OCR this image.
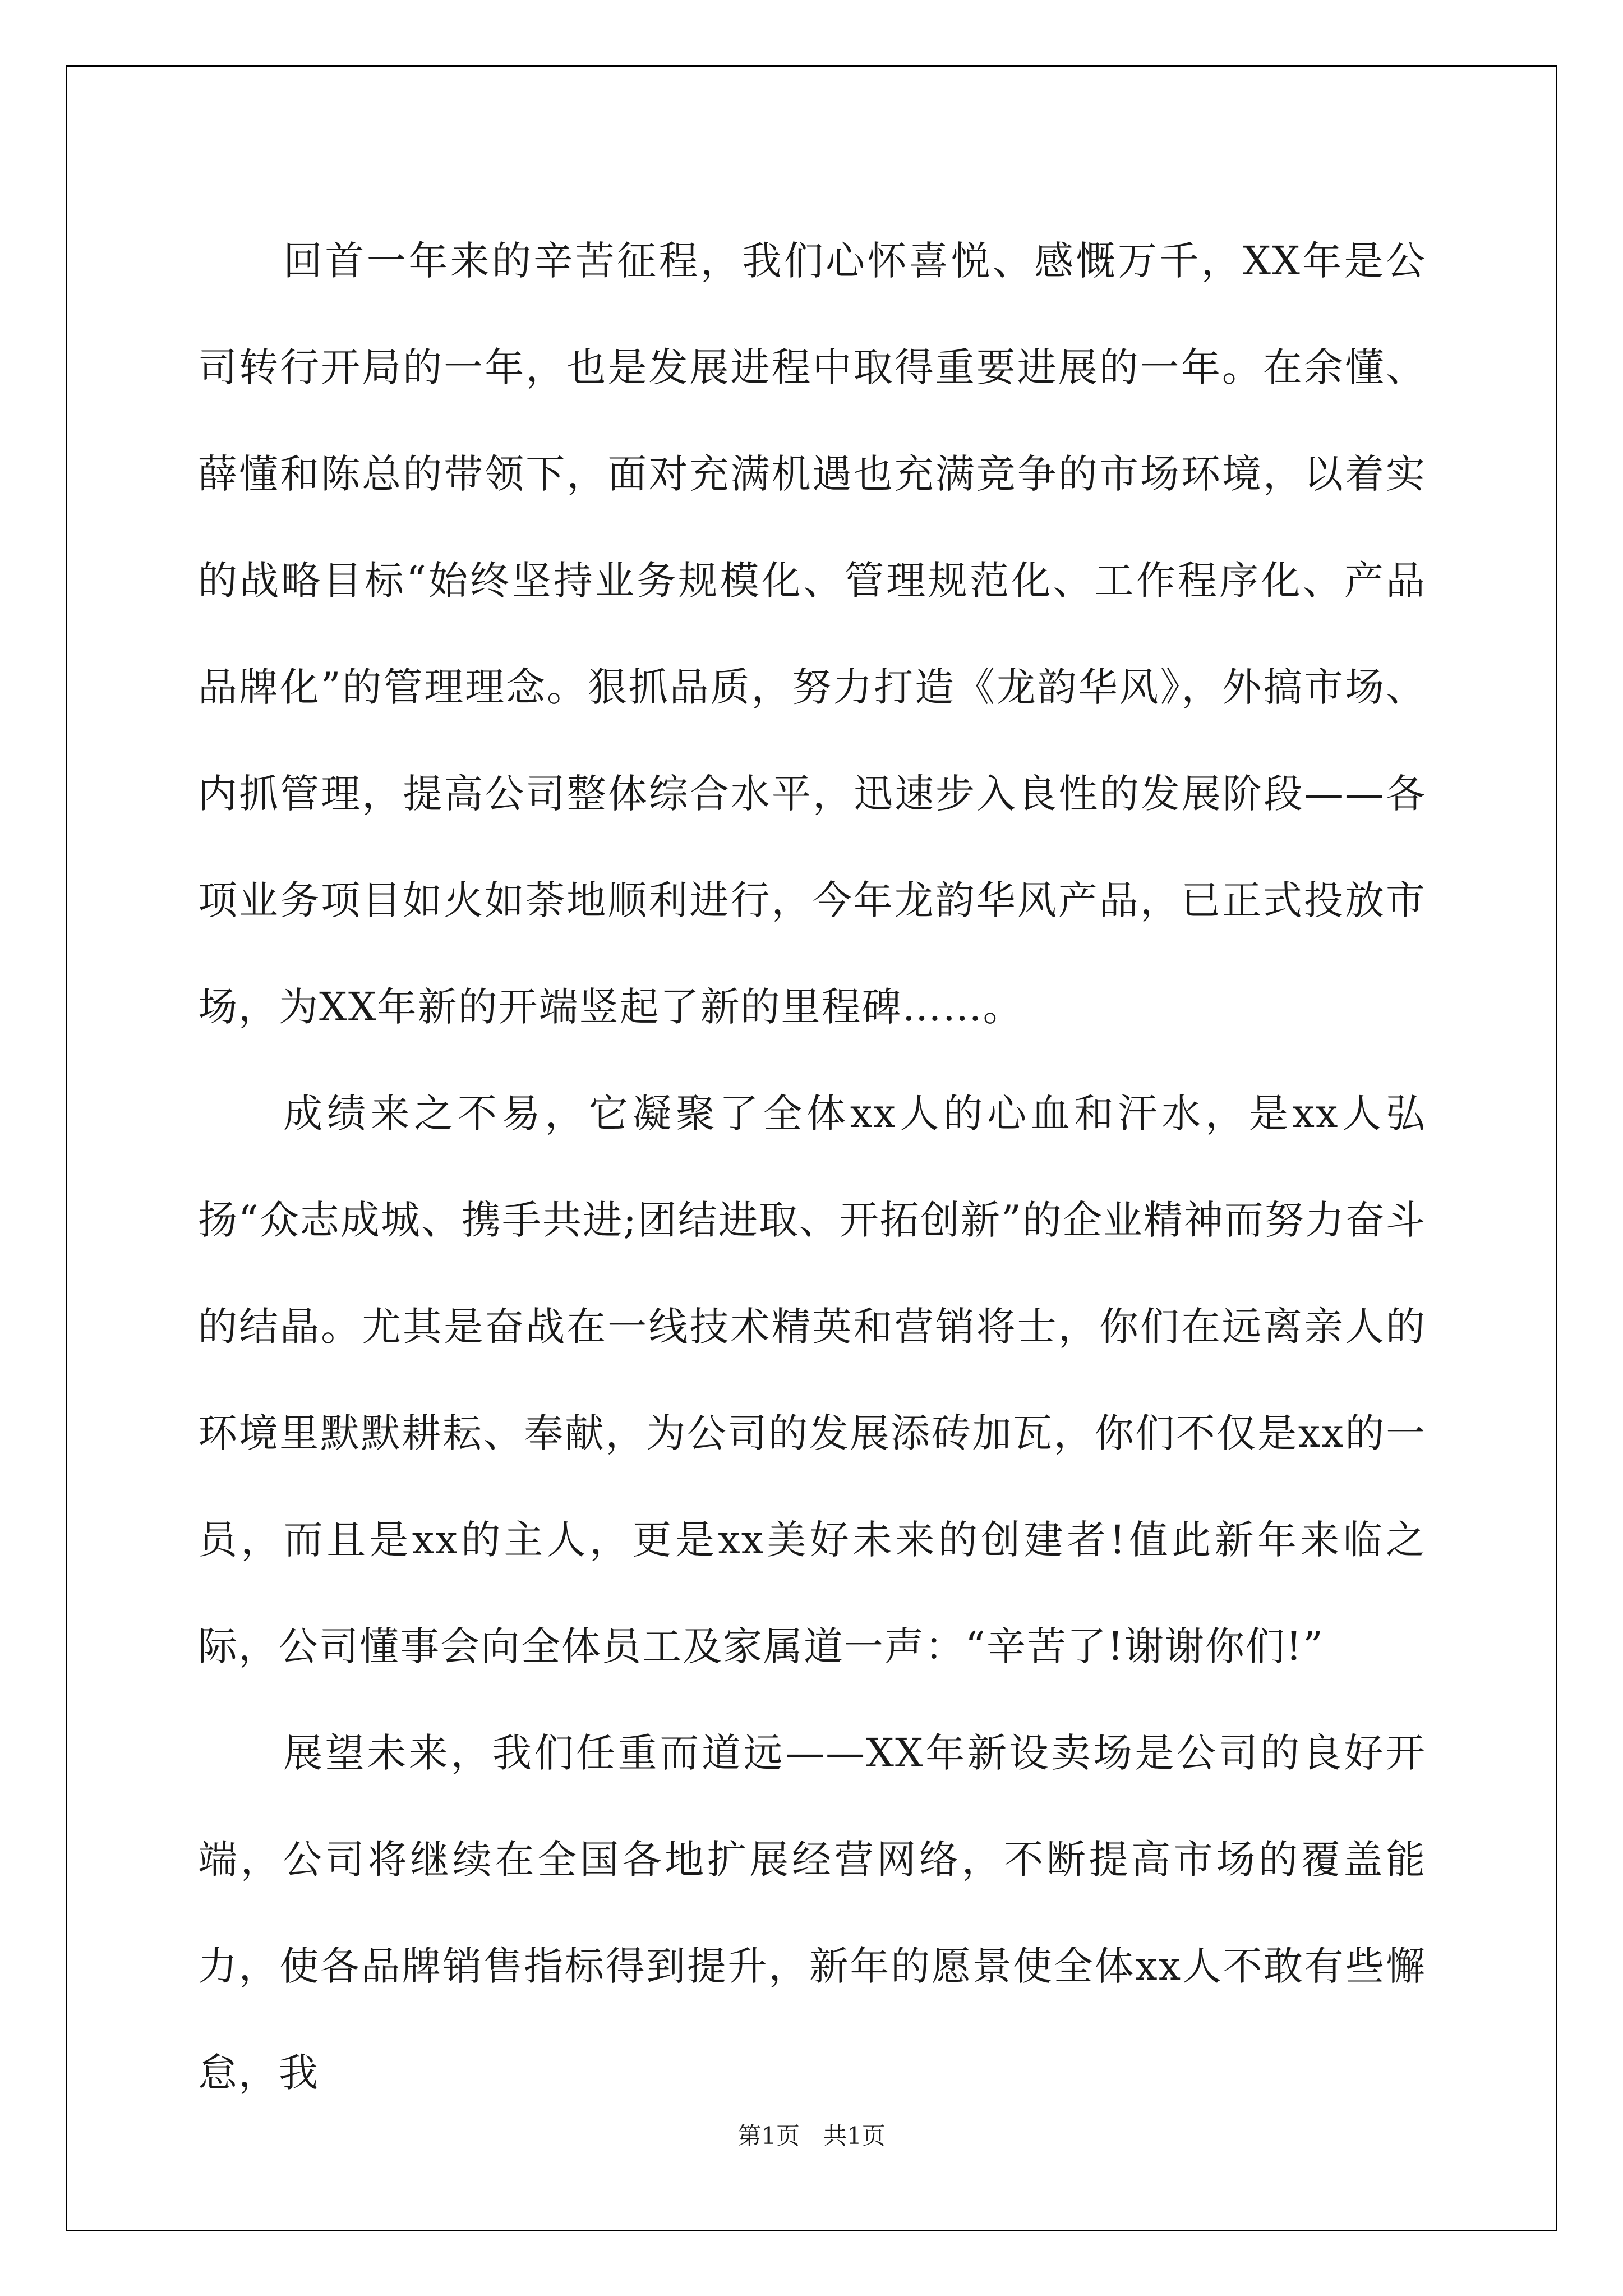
回首一年来的辛苦征程，我们心怀喜悦、感慨万千，XX年是公司转行开局的一年，也是发展进程中取得重要进展的一年。在余懂、薛懂和陈总的带领下，面对充满机遇也充满竞争的市场环境，以着实的战略目标“始终坚持业务规模化、管理规范化、工作程序化、产品品牌化”的管理理念。狠抓品质，努力打造《龙韵华风》，外搞市场、内抓管理，提高公司整体综合水平，迅速步入良性的发展阶段——各项业务项目如火如荼地顺利进行，今年龙韵华风产品，已正式投放市场，为XX年新的开端竖起了新的里程碑……。

成绩来之不易，它凝聚了全体xx人的心血和汗水，是xx人弘扬“众志成城、携手共进;团结进取、开拓创新”的企业精神而努力奋斗的结晶。尤其是奋战在一线技术精英和营销将士，你们在远离亲人的环境里默默耕耘、奉献，为公司的发展添砖加瓦，你们不仅是xx的一员，而且是xx的主人，更是xx美好未来的创建者!值此新年来临之际，公司懂事会向全体员工及家属道一声：“辛苦了!谢谢你们!”

展望未来，我们任重而道远——XX年新设卖场是公司的良好开端，公司将继续在全国各地扩展经营网络，不断提高市场的覆盖能力，使各品牌销售指标得到提升，新年的愿景使全体xx人不敢有些懈怠，我

第1页　共1页
